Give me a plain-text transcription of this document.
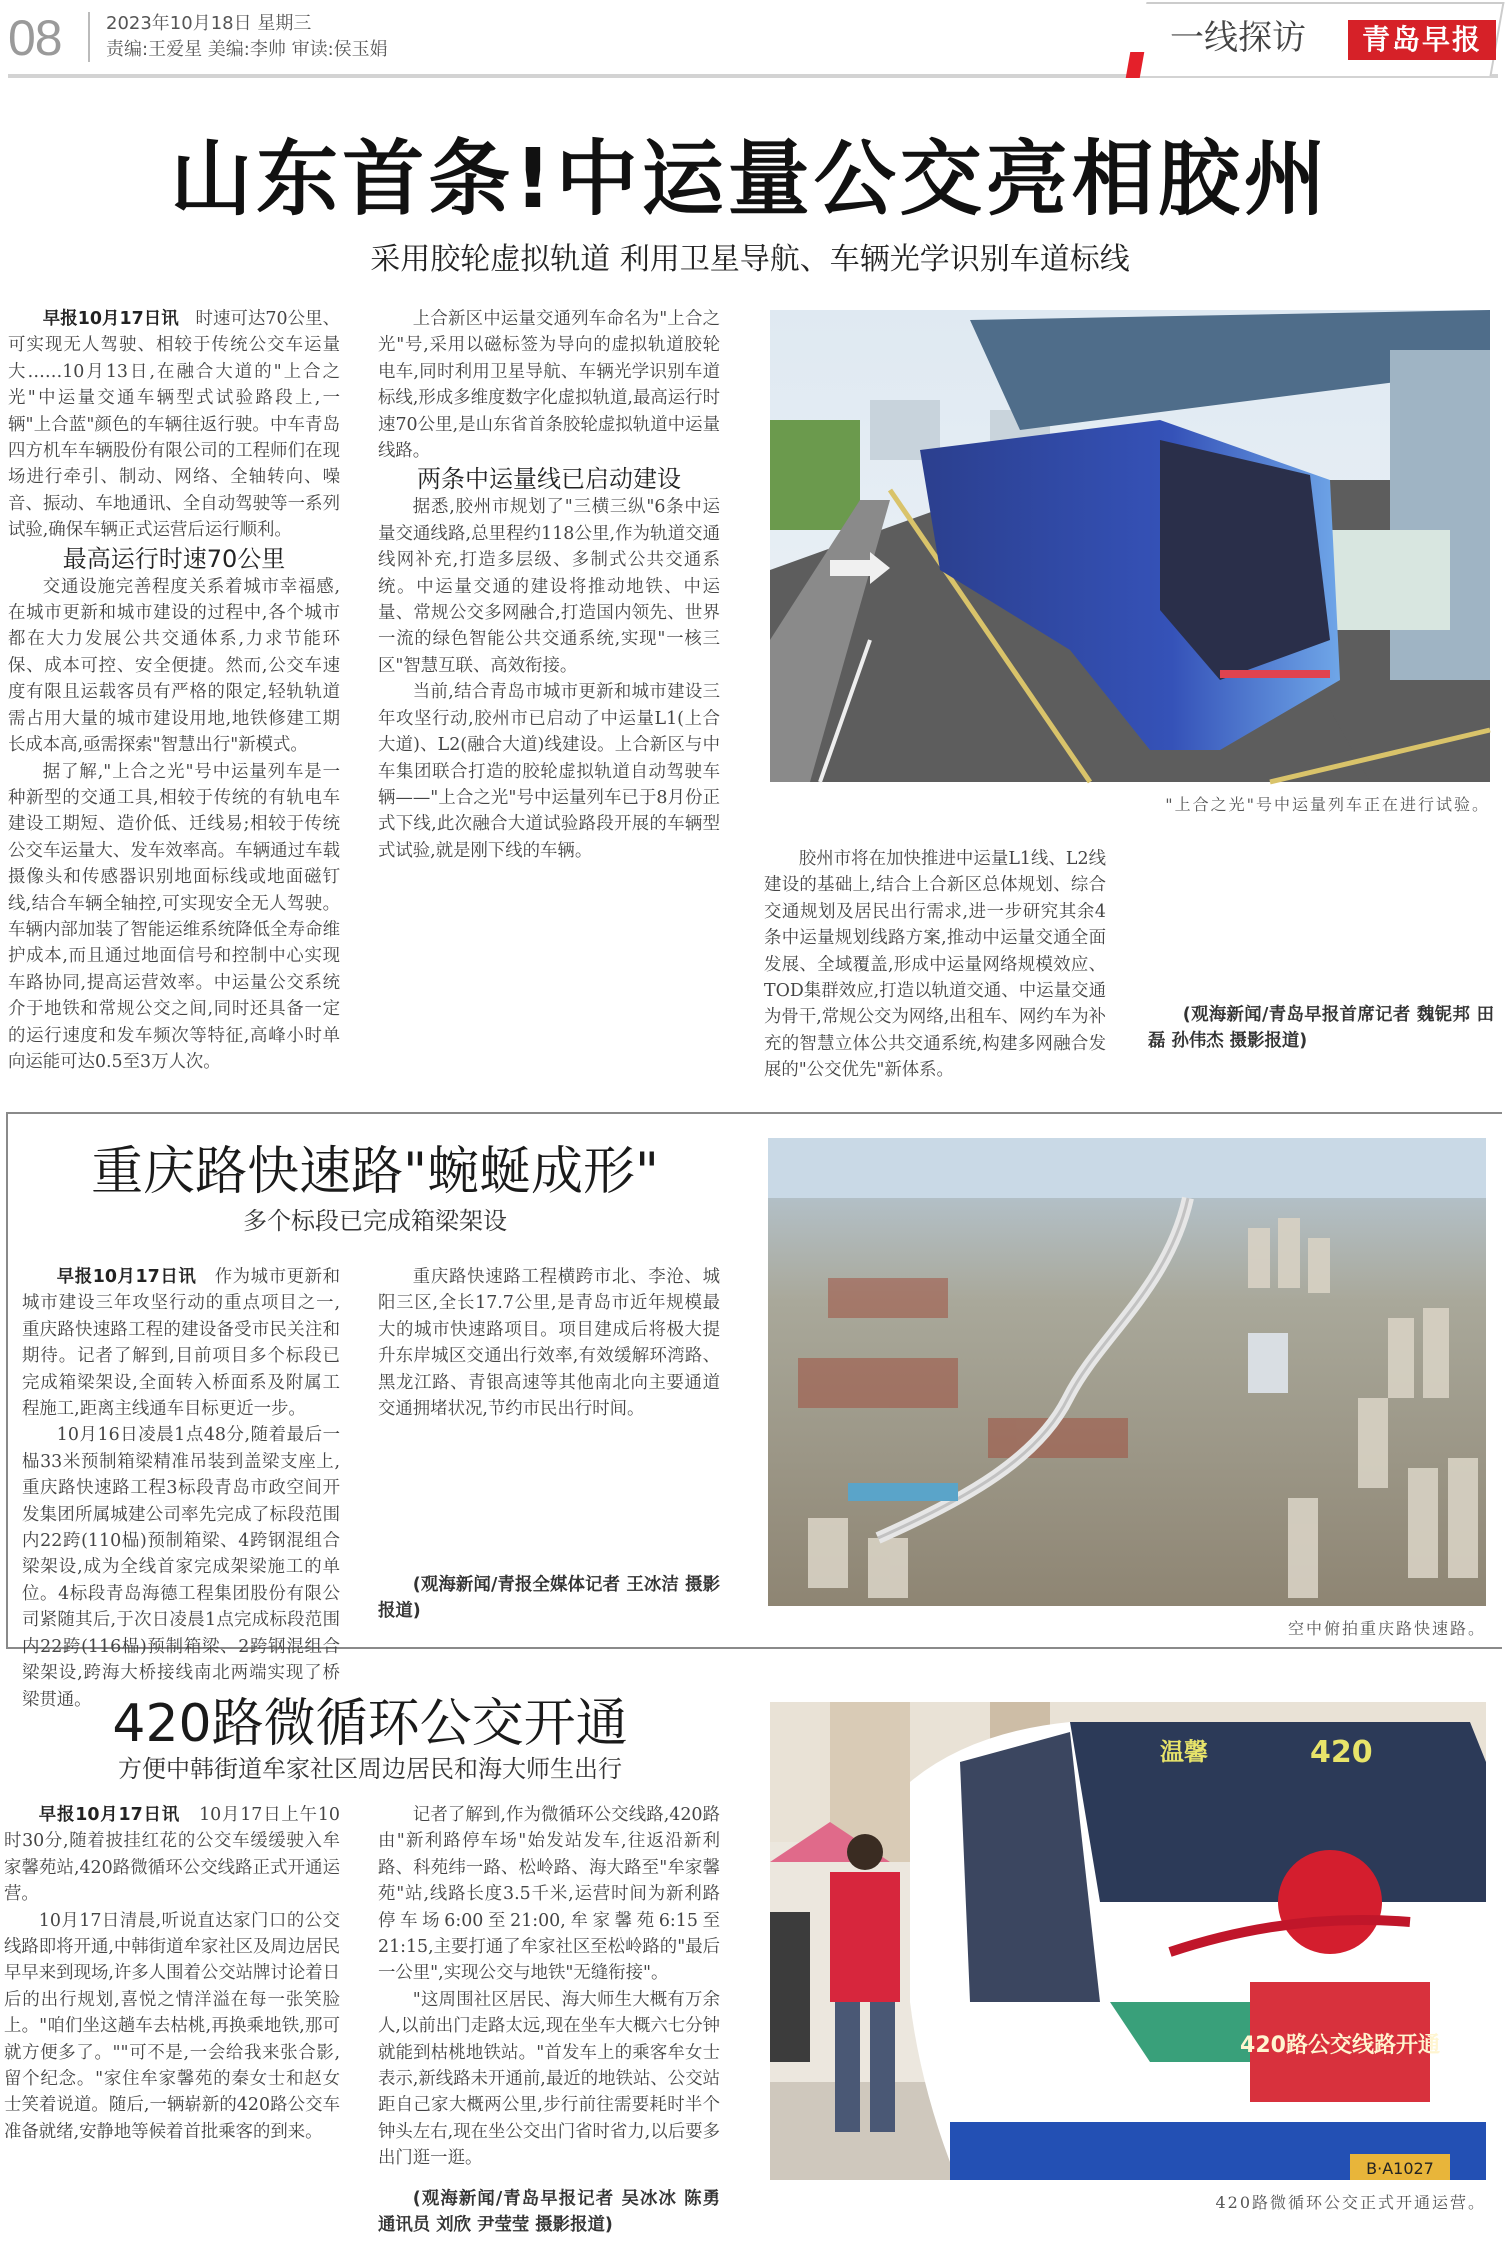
08 2023年10月18日 星期三
责编:王爱星 美编:李帅 审读:侯玉娟	一线探访	青岛早报
山东首条!中运量公交亮相胶州
采用胶轮虚拟轨道 利用卫星导航、车辆光学识别车道标线

早报10月17日讯 时速可达70公里、可实现无人驾驶、相较于传统公交车运量大……10月13日,在融合大道的"上合之光"中运量交通车辆型式试验路段上,一辆"上合蓝"颜色的车辆往返行驶。中车青岛四方机车车辆股份有限公司的工程师们在现场进行牵引、制动、网络、全轴转向、噪音、振动、车地通讯、全自动驾驶等一系列试验,确保车辆正式运营后运行顺利。

最高运行时速70公里

交通设施完善程度关系着城市幸福感,在城市更新和城市建设的过程中,各个城市都在大力发展公共交通体系,力求节能环保、成本可控、安全便捷。然而,公交车速度有限且运载客员有严格的限定,轻轨轨道需占用大量的城市建设用地,地铁修建工期长成本高,亟需探索"智慧出行"新模式。

据了解,"上合之光"号中运量列车是一种新型的交通工具,相较于传统的有轨电车建设工期短、造价低、迁线易;相较于传统公交车运量大、发车效率高。车辆通过车载摄像头和传感器识别地面标线或地面磁钉线,结合车辆全轴控,可实现安全无人驾驶。车辆内部加装了智能运维系统降低全寿命维护成本,而且通过地面信号和控制中心实现车路协同,提高运营效率。中运量公交系统介于地铁和常规公交之间,同时还具备一定的运行速度和发车频次等特征,高峰小时单向运能可达0.5至3万人次。

上合新区中运量交通列车命名为"上合之光"号,采用以磁标签为导向的虚拟轨道胶轮电车,同时利用卫星导航、车辆光学识别车道标线,形成多维度数字化虚拟轨道,最高运行时速70公里,是山东省首条胶轮虚拟轨道中运量线路。

两条中运量线已启动建设

据悉,胶州市规划了"三横三纵"6条中运量交通线路,总里程约118公里,作为轨道交通线网补充,打造多层级、多制式公共交通系统。中运量交通的建设将推动地铁、中运量、常规公交多网融合,打造国内领先、世界一流的绿色智能公共交通系统,实现"一核三区"智慧互联、高效衔接。

当前,结合青岛市城市更新和城市建设三年攻坚行动,胶州市已启动了中运量L1(上合大道)、L2(融合大道)线建设。上合新区与中车集团联合打造的胶轮虚拟轨道自动驾驶车辆——"上合之光"号中运量列车已于8月份正式下线,此次融合大道试验路段开展的车辆型式试验,就是刚下线的车辆。

"上合之光"号中运量列车正在进行试验。

胶州市将在加快推进中运量L1线、L2线建设的基础上,结合上合新区总体规划、综合交通规划及居民出行需求,进一步研究其余4条中运量规划线路方案,推动中运量交通全面发展、全域覆盖,形成中运量网络规模效应、TOD集群效应,打造以轨道交通、中运量交通为骨干,常规公交为网络,出租车、网约车为补充的智慧立体公共交通系统,构建多网融合发展的"公交优先"新体系。

(观海新闻/青岛早报首席记者 魏铌邦 田磊 孙伟杰 摄影报道)

重庆路快速路"蜿蜒成形"
多个标段已完成箱梁架设

早报10月17日讯 作为城市更新和城市建设三年攻坚行动的重点项目之一,重庆路快速路工程的建设备受市民关注和期待。记者了解到,目前项目多个标段已完成箱梁架设,全面转入桥面系及附属工程施工,距离主线通车目标更近一步。

10月16日凌晨1点48分,随着最后一榀33米预制箱梁精准吊装到盖梁支座上,重庆路快速路工程3标段青岛市政空间开发集团所属城建公司率先完成了标段范围内22跨(110榀)预制箱梁、4跨钢混组合梁架设,成为全线首家完成架梁施工的单位。4标段青岛海德工程集团股份有限公司紧随其后,于次日凌晨1点完成标段范围内22跨(116榀)预制箱梁、2跨钢混组合梁架设,跨海大桥接线南北两端实现了桥梁贯通。

重庆路快速路工程横跨市北、李沧、城阳三区,全长17.7公里,是青岛市近年规模最大的城市快速路项目。项目建成后将极大提升东岸城区交通出行效率,有效缓解环湾路、黑龙江路、青银高速等其他南北向主要通道交通拥堵状况,节约市民出行时间。

(观海新闻/青报全媒体记者 王冰洁 摄影报道)

空中俯拍重庆路快速路。
420路微循环公交开通
方便中韩街道牟家社区周边居民和海大师生出行

早报10月17日讯 10月17日上午10时30分,随着披挂红花的公交车缓缓驶入牟家馨苑站,420路微循环公交线路正式开通运营。

10月17日清晨,听说直达家门口的公交线路即将开通,中韩街道牟家社区及周边居民早早来到现场,许多人围着公交站牌讨论着日后的出行规划,喜悦之情洋溢在每一张笑脸上。"咱们坐这趟车去枯桃,再换乘地铁,那可就方便多了。""可不是,一会给我来张合影,留个纪念。"家住牟家馨苑的秦女士和赵女士笑着说道。随后,一辆崭新的420路公交车准备就绪,安静地等候着首批乘客的到来。

记者了解到,作为微循环公交线路,420路由"新利路停车场"始发站发车,往返沿新利路、科苑纬一路、松岭路、海大路至"牟家馨苑"站,线路长度3.5千米,运营时间为新利路停车场6:00至21:00,牟家馨苑6:15至21:15,主要打通了牟家社区至松岭路的"最后一公里",实现公交与地铁"无缝衔接"。

"这周围社区居民、海大师生大概有万余人,以前出门走路太远,现在坐车大概六七分钟就能到枯桃地铁站。"首发车上的乘客牟女士表示,新线路未开通前,最近的地铁站、公交站距自己家大概两公里,步行前往需要耗时半个钟头左右,现在坐公交出门省时省力,以后要多出门逛一逛。

(观海新闻/青岛早报记者 吴冰冰 陈勇 通讯员 刘欣 尹莹莹 摄影报道)

420路公交线路开通
温馨	420
B·A1027
420路微循环公交正式开通运营。
